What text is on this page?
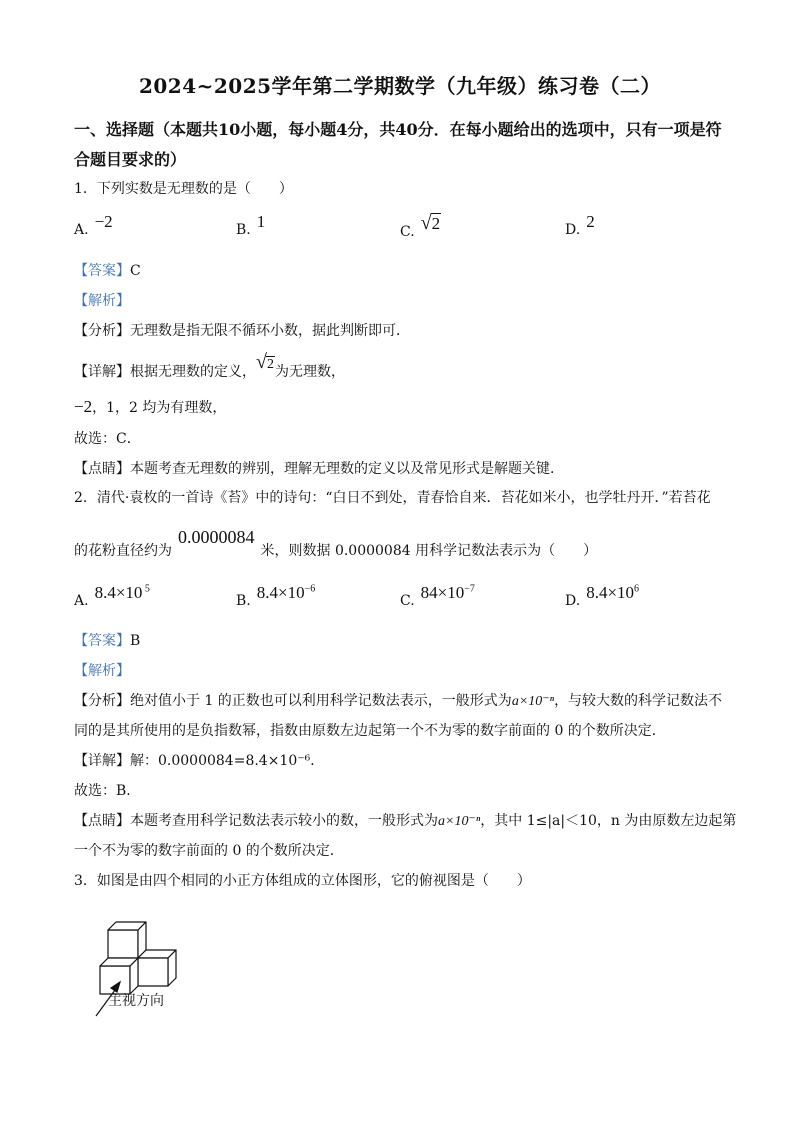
2024~2025学年第二学期数学（九年级）练习卷（二）
一、选择题（本题共10小题，每小题4分，共40分．在每小题给出的选项中，只有一项是符合题目要求的）
1．下列实数是无理数的是（　　）
A. −2	B. 1
C. √2	D. 2
【答案】C
【解析】
【分析】无理数是指无限不循环小数，据此判断即可．
【详解】根据无理数的定义，√2为无理数，
−2，1，2 均为有理数，
故选：C．
【点睛】本题考查无理数的辨别，理解无理数的定义以及常见形式是解题关键．
2．清代·袁枚的一首诗《苔》中的诗句：“白日不到处，青春恰自来．苔花如米小，也学牡丹开．”若苔花
的花粉直径约为0.0000084米，则数据 0.0000084 用科学记数法表示为（　　）
A. 8.4×10 $^5$
B. $8.4\times 10^{-6}$
C. $84\times 10^{-7}$
D. $8.4\times 10^6$
【答案】B
【解析】
【分析】绝对值小于 1 的正数也可以利用科学记数法表示，一般形式为a×10⁻ⁿ，与较大数的科学记数法不
同的是其所使用的是负指数幂，指数由原数左边起第一个不为零的数字前面的 0 的个数所决定．
【详解】解：0.0000084=8.4×10⁻⁶．
故选：B．
【点睛】本题考查用科学记数法表示较小的数，一般形式为a×10⁻ⁿ，其中 1≤|a|＜10，n 为由原数左边起第
一个不为零的数字前面的 0 的个数所决定．
3．如图是由四个相同的小正方体组成的立体图形，它的俯视图是（　　）
主视方向
